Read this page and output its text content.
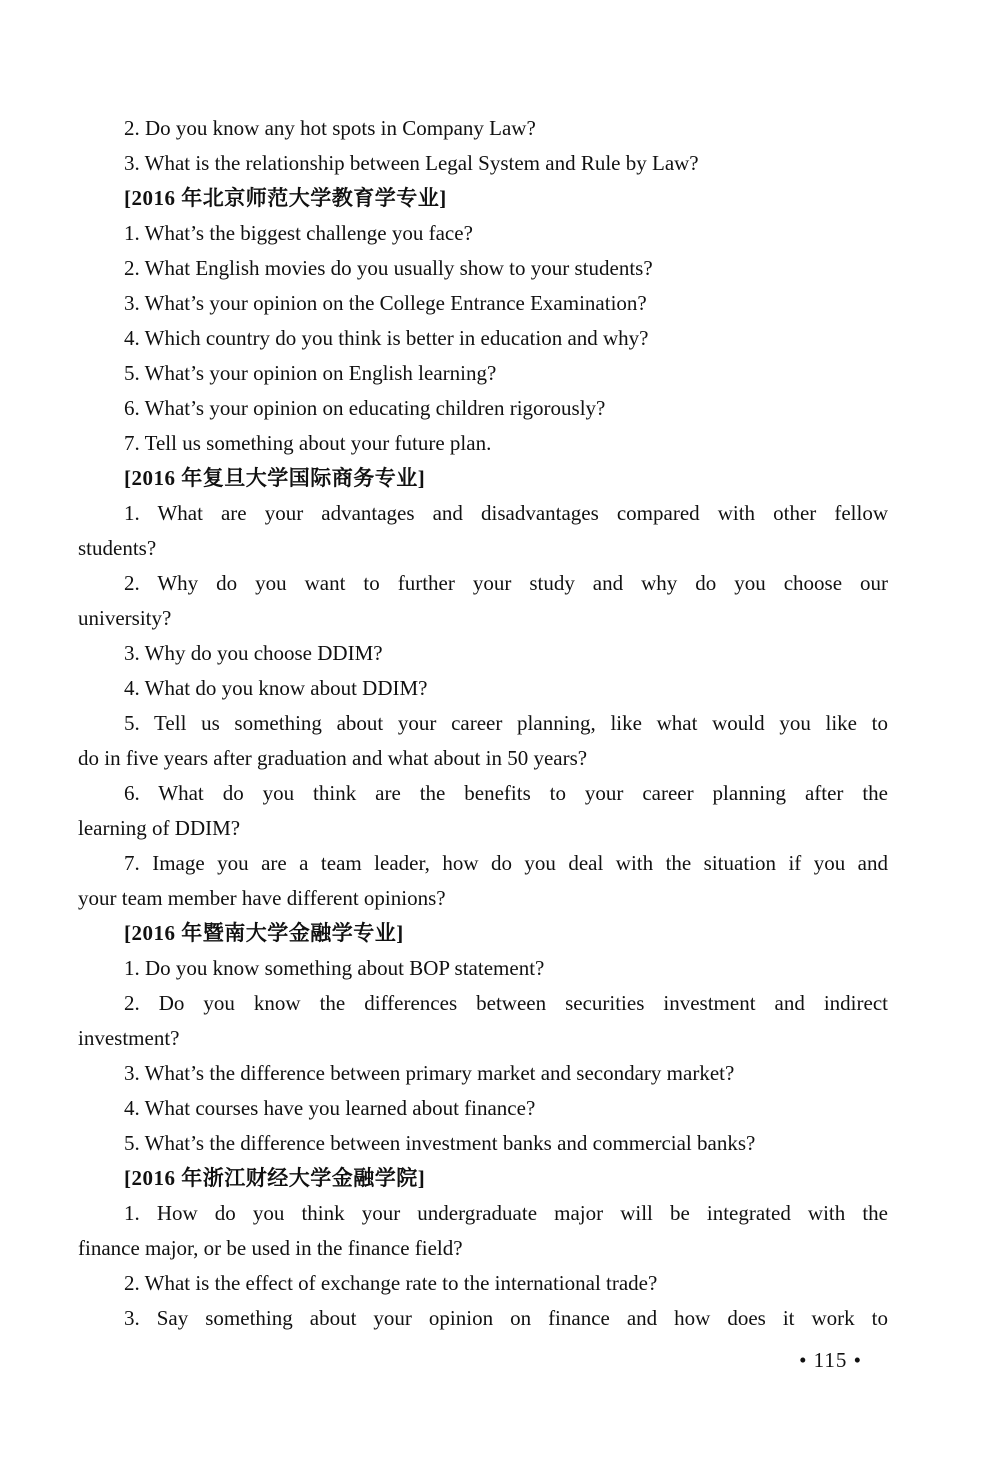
2. Do you know any hot spots in Company Law?
3. What is the relationship between Legal System and Rule by Law?
[2016 年北京师范大学教育学专业]
1. What’s the biggest challenge you face?
2. What English movies do you usually show to your students?
3. What’s your opinion on the College Entrance Examination?
4. Which country do you think is better in education and why?
5. What’s your opinion on English learning?
6. What’s your opinion on educating children rigorously?
7. Tell us something about your future plan.
[2016 年复旦大学国际商务专业]
1. What are your advantages and disadvantages compared with other fellow
students?
2. Why do you want to further your study and why do you choose our
university?
3. Why do you choose DDIM?
4. What do you know about DDIM?
5. Tell us something about your career planning, like what would you like to
do in five years after graduation and what about in 50 years?
6. What do you think are the benefits to your career planning after the
learning of DDIM?
7. Image you are a team leader, how do you deal with the situation if you and
your team member have different opinions?
[2016 年暨南大学金融学专业]
1. Do you know something about BOP statement?
2. Do you know the differences between securities investment and indirect
investment?
3. What’s the difference between primary market and secondary market?
4. What courses have you learned about finance?
5. What’s the difference between investment banks and commercial banks?
[2016 年浙江财经大学金融学院]
1. How do you think your undergraduate major will be integrated with the
finance major, or be used in the finance field?
2. What is the effect of exchange rate to the international trade?
3. Say something about your opinion on finance and how does it work to
• 115 •
